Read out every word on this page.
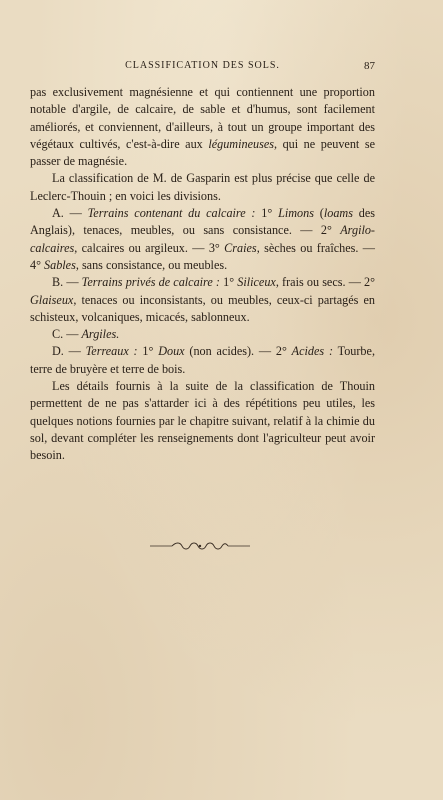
CLASSIFICATION DES SOLS.	87

pas exclusivement magnésienne et qui contiennent une proportion notable d'argile, de calcaire, de sable et d'humus, sont facilement améliorés, et conviennent, d'ailleurs, à tout un groupe important des végétaux cultivés, c'est-à-dire aux légumineuses, qui ne peuvent se passer de magnésie.

La classification de M. de Gasparin est plus précise que celle de Leclerc-Thouin ; en voici les divisions.

A. — Terrains contenant du calcaire : 1° Limons (loams des Anglais), tenaces, meubles, ou sans consistance. — 2° Argilo-calcaires, calcaires ou argileux. — 3° Craies, sèches ou fraîches. — 4° Sables, sans consistance, ou meubles.

B. — Terrains privés de calcaire : 1° Siliceux, frais ou secs. — 2° Glaiseux, tenaces ou inconsistants, ou meubles, ceux-ci partagés en schisteux, volcaniques, micacés, sablonneux.

C. — Argiles.

D. — Terreaux : 1° Doux (non acides). — 2° Acides : Tourbe, terre de bruyère et terre de bois.

Les détails fournis à la suite de la classification de Thouin permettent de ne pas s'attarder ici à des répétitions peu utiles, les quelques notions fournies par le chapitre suivant, relatif à la chimie du sol, devant compléter les renseignements dont l'agriculteur peut avoir besoin.
